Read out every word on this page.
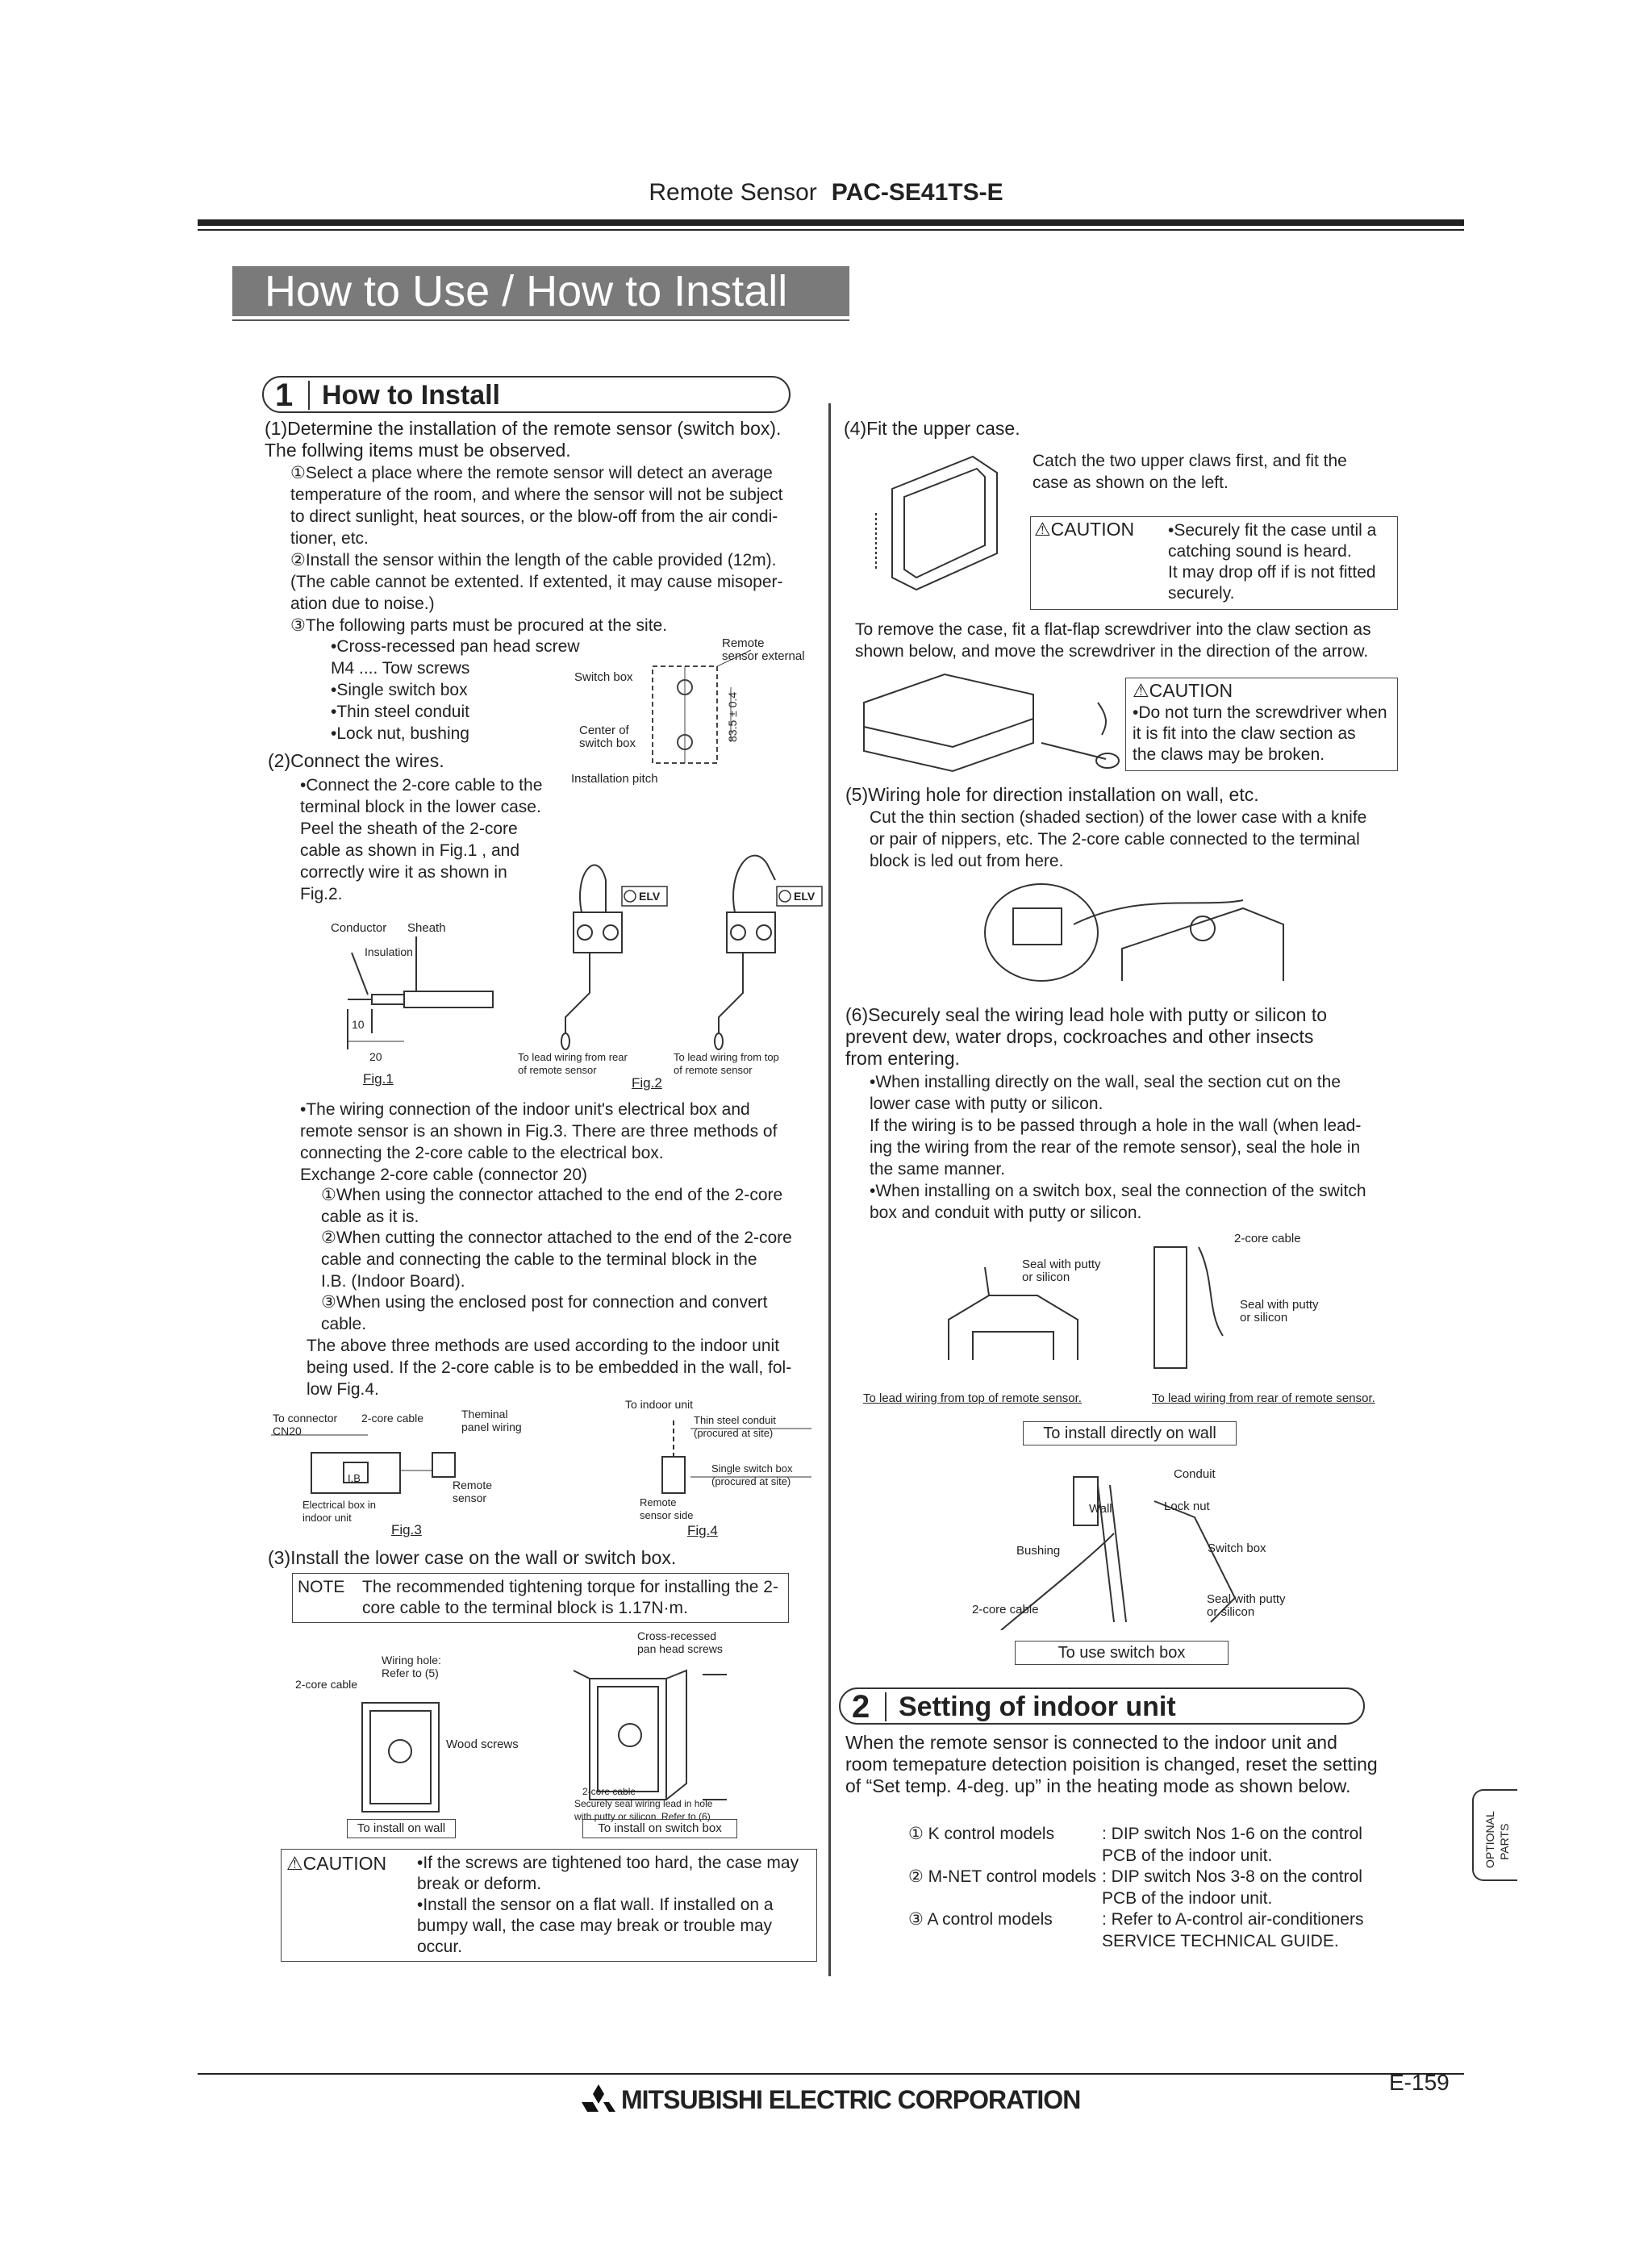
Remote Sensor PAC-SE41TS-E
How to Use / How to Install
1 How to Install
(1)Determine the installation of the remote sensor (switch box).
The follwing items must be observed.
①Select a place where the remote sensor will detect an average
temperature of the room, and where the sensor will not be subject
to direct sunlight, heat sources, or the blow-off from the air condi-
tioner, etc.
②Install the sensor within the length of the cable provided (12m).
(The cable cannot be extented. If extented, it may cause misoper-
ation due to noise.)
③The following parts must be procured at the site.
•Cross-recessed pan head screw
M4 .... Tow screws
•Single switch box
•Thin steel conduit
•Lock nut, bushing
Remote
sensor external
Switch box
Center of
switch box
Installation pitch
83.5 ± 0.4
(2)Connect the wires.
•Connect the 2-core cable to the
terminal block in the lower case.
Peel the sheath of the 2-core
cable as shown in Fig.1 , and
correctly wire it as shown in
Fig.2.	ELV	ELV
Conductor Sheath
Insulation
10
20	To lead wiring from rear
of remote sensor
To lead wiring from top
of remote sensor
Fig.1	Fig.2
•The wiring connection of the indoor unit's electrical box and
remote sensor is an shown in Fig.3. There are three methods of
connecting the 2-core cable to the electrical box.
Exchange 2-core cable (connector 20)
①When using the connector attached to the end of the 2-core
cable as it is.
②When cutting the connector attached to the end of the 2-core
cable and connecting the cable to the terminal block in the
I.B. (Indoor Board).
③When using the enclosed post for connection and convert
cable.
The above three methods are used according to the indoor unit
being used. If the 2-core cable is to be embedded in the wall, fol-
low Fig.4.
To connector
CN20
2-core cable	Theminal
panel wiring
I.B
Electrical box in
indoor unit
Remote
sensor
Fig.3
To indoor unit
Thin steel conduit
(procured at site)
Single switch box
(procured at site)
Remote
sensor side
Fig.4
(3)Install the lower case on the wall or switch box.
NOTE The recommended tightening torque for installing the 2-
core cable to the terminal block is 1.17N·m.
Wiring hole:
Refer to (5)
2-core cable
Wood screws
Cross-recessed
pan head screws
2-core cable
Securely seal wiring lead in hole
with putty or silicon. Refer to (6)
To install on wall	To install on switch box
⚠CAUTION •If the screws are tightened too hard, the case may
break or deform.
•Install the sensor on a flat wall. If installed on a
bumpy wall, the case may break or trouble may
occur.
(4)Fit the upper case.
Catch the two upper claws first, and fit the
case as shown on the left.
⚠CAUTION •Securely fit the case until a
catching sound is heard.
It may drop off if is not fitted
securely.
To remove the case, fit a flat-flap screwdriver into the claw section as
shown below, and move the screwdriver in the direction of the arrow.
⚠CAUTION
•Do not turn the screwdriver when
it is fit into the claw section as
the claws may be broken.
(5)Wiring hole for direction installation on wall, etc.
Cut the thin section (shaded section) of the lower case with a knife
or pair of nippers, etc. The 2-core cable connected to the terminal
block is led out from here.
(6)Securely seal the wiring lead hole with putty or silicon to
prevent dew, water drops, cockroaches and other insects
from entering.
•When installing directly on the wall, seal the section cut on the
lower case with putty or silicon.
If the wiring is to be passed through a hole in the wall (when lead-
ing the wiring from the rear of the remote sensor), seal the hole in
the same manner.
•When installing on a switch box, seal the connection of the switch
box and conduit with putty or silicon.
Seal with putty
or silicon
2-core cable
Seal with putty
or silicon
To lead wiring from top of remote sensor.	To lead wiring from rear of remote sensor.
To install directly on wall
Conduit
Wall	Lock nut
Bushing	Switch box
2-core cable
Seal with putty
or silicon
To use switch box
2 Setting of indoor unit
When the remote sensor is connected to the indoor unit and
room temepature detection poisition is changed, reset the setting
of “Set temp. 4-deg. up” in the heating mode as shown below.
① K control models	: DIP switch Nos 1-6 on the control
PCB of the indoor unit.
② M-NET control models : DIP switch Nos 3-8 on the control
PCB of the indoor unit.
③ A control models	: Refer to A-control air-conditioners
SERVICE TECHNICAL GUIDE.
OPTIONAL PARTS
MITSUBISHI ELECTRIC CORPORATION
E-159
